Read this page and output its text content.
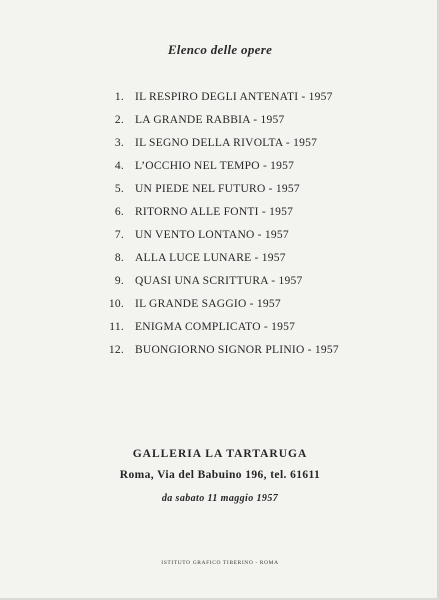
Elenco delle opere
1. IL RESPIRO DEGLI ANTENATI - 1957
2. LA GRANDE RABBIA - 1957
3. IL SEGNO DELLA RIVOLTA - 1957
4. L’OCCHIO NEL TEMPO - 1957
5. UN PIEDE NEL FUTURO - 1957
6. RITORNO ALLE FONTI - 1957
7. UN VENTO LONTANO - 1957
8. ALLA LUCE LUNARE - 1957
9. QUASI UNA SCRITTURA - 1957
10. IL GRANDE SAGGIO - 1957
11. ENIGMA COMPLICATO - 1957
12. BUONGIORNO SIGNOR PLINIO - 1957
GALLERIA LA TARTARUGA
Roma, Via del Babuino 196, tel. 61611
da sabato 11 maggio 1957
ISTITUTO GRAFICO TIBERINO - ROMA
